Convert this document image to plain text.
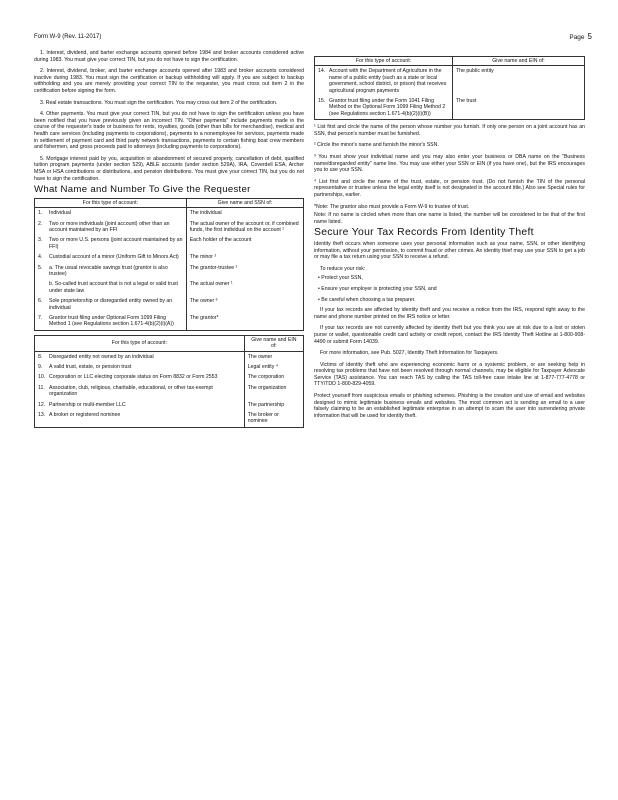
Form W-9 (Rev. 11-2017)	Page 5

1. Interest, dividend, and barter exchange accounts opened before 1984 and broker accounts considered active during 1983. You must give your correct TIN, but you do not have to sign the certification.

2. Interest, dividend, broker, and barter exchange accounts opened after 1983 and broker accounts considered inactive during 1983. You must sign the certification or backup withholding will apply. If you are subject to backup withholding and you are merely providing your correct TIN to the requester, you must cross out item 2 in the certification before signing the form.

3. Real estate transactions. You must sign the certification. You may cross out item 2 of the certification.

4. Other payments. You must give your correct TIN, but you do not have to sign the certification unless you have been notified that you have previously given an incorrect TIN. "Other payments" include payments made in the course of the requester's trade or business for rents, royalties, goods (other than bills for merchandise), medical and health care services (including payments to corporations), payments to a nonemployee for services, payments made in settlement of payment card and third party network transactions, payments to certain fishing boat crew members and fishermen, and gross proceeds paid to attorneys (including payments to corporations).

5. Mortgage interest paid by you, acquisition or abandonment of secured property, cancellation of debt, qualified tuition program payments (under section 529), ABLE accounts (under section 529A), IRA, Coverdell ESA, Archer MSA or HSA contributions or distributions, and pension distributions. You must give your correct TIN, but you do not have to sign the certification.

What Name and Number To Give the Requester
For this type of account:		Give name and SSN of:
1.	Individual	The individual
2.	Two or more individuals (joint account) other than an account maintained by an FFI	The actual owner of the account or, if combined funds, the first individual on the account ¹
3.	Two or more U.S. persons (joint account maintained by an FFI)	Each holder of the account
4.	Custodial account of a minor (Uniform Gift to Minors Act)	The minor ²
5.	a. The usual revocable savings trust (grantor is also trustee)	The grantor-trustee ¹
	b. So-called trust account that is not a legal or valid trust under state law	The actual owner ¹
6.	Sole proprietorship or disregarded entity owned by an individual	The owner ³
7.	Grantor trust filing under Optional Form 1099 Filing Method 1 (see Regulations section 1.671-4(b)(2)(i)(A))	The grantor*
For this type of account:		Give name and EIN of:
8.	Disregarded entity not owned by an individual	The owner
9.	A valid trust, estate, or pension trust	Legal entity ⁴
10.	Corporation or LLC electing corporate status on Form 8832 or Form 2553	The corporation
11.	Association, club, religious, charitable, educational, or other tax-exempt organization	The organization
12.	Partnership or multi-member LLC	The partnership
13.	A broker or registered nominee	The broker or nominee
For this type of account:		Give name and EIN of:
14.	Account with the Department of Agriculture in the name of a public entity (such as a state or local government, school district, or prison) that receives agricultural program payments	The public entity
15.	Grantor trust filing under the Form 1041 Filing Method or the Optional Form 1099 Filing Method 2 (see Regulations section 1.671-4(b)(2)(i)(B))	The trust

¹ List first and circle the name of the person whose number you furnish. If only one person on a joint account has an SSN, that person's number must be furnished.

² Circle the minor's name and furnish the minor's SSN.

³ You must show your individual name and you may also enter your business or DBA name on the "Business name/disregarded entity" name line. You may use either your SSN or EIN (if you have one), but the IRS encourages you to use your SSN.

⁴ List first and circle the name of the trust, estate, or pension trust. (Do not furnish the TIN of the personal representative or trustee unless the legal entity itself is not designated in the account title.) Also see Special rules for partnerships, earlier.

*Note: The grantor also must provide a Form W-9 to trustee of trust.

Note: If no name is circled when more than one name is listed, the number will be considered to be that of the first name listed.

Secure Your Tax Records From Identity Theft

Identity theft occurs when someone uses your personal information such as your name, SSN, or other identifying information, without your permission, to commit fraud or other crimes. An identity thief may use your SSN to get a job or may file a tax return using your SSN to receive a refund.

To reduce your risk:

• Protect your SSN,

• Ensure your employer is protecting your SSN, and

• Be careful when choosing a tax preparer.

If your tax records are affected by identity theft and you receive a notice from the IRS, respond right away to the name and phone number printed on the IRS notice or letter.

If your tax records are not currently affected by identity theft but you think you are at risk due to a lost or stolen purse or wallet, questionable credit card activity or credit report, contact the IRS Identity Theft Hotline at 1-800-908-4490 or submit Form 14039.

For more information, see Pub. 5027, Identity Theft Information for Taxpayers.

Victims of identity theft who are experiencing economic harm or a systemic problem, or are seeking help in resolving tax problems that have not been resolved through normal channels, may be eligible for Taxpayer Advocate Service (TAS) assistance. You can reach TAS by calling the TAS toll-free case intake line at 1-877-777-4778 or TTY/TDD 1-800-829-4059.

Protect yourself from suspicious emails or phishing schemes. Phishing is the creation and use of email and websites designed to mimic legitimate business emails and websites. The most common act is sending an email to a user falsely claiming to be an established legitimate enterprise in an attempt to scam the user into surrendering private information that will be used for identity theft.
